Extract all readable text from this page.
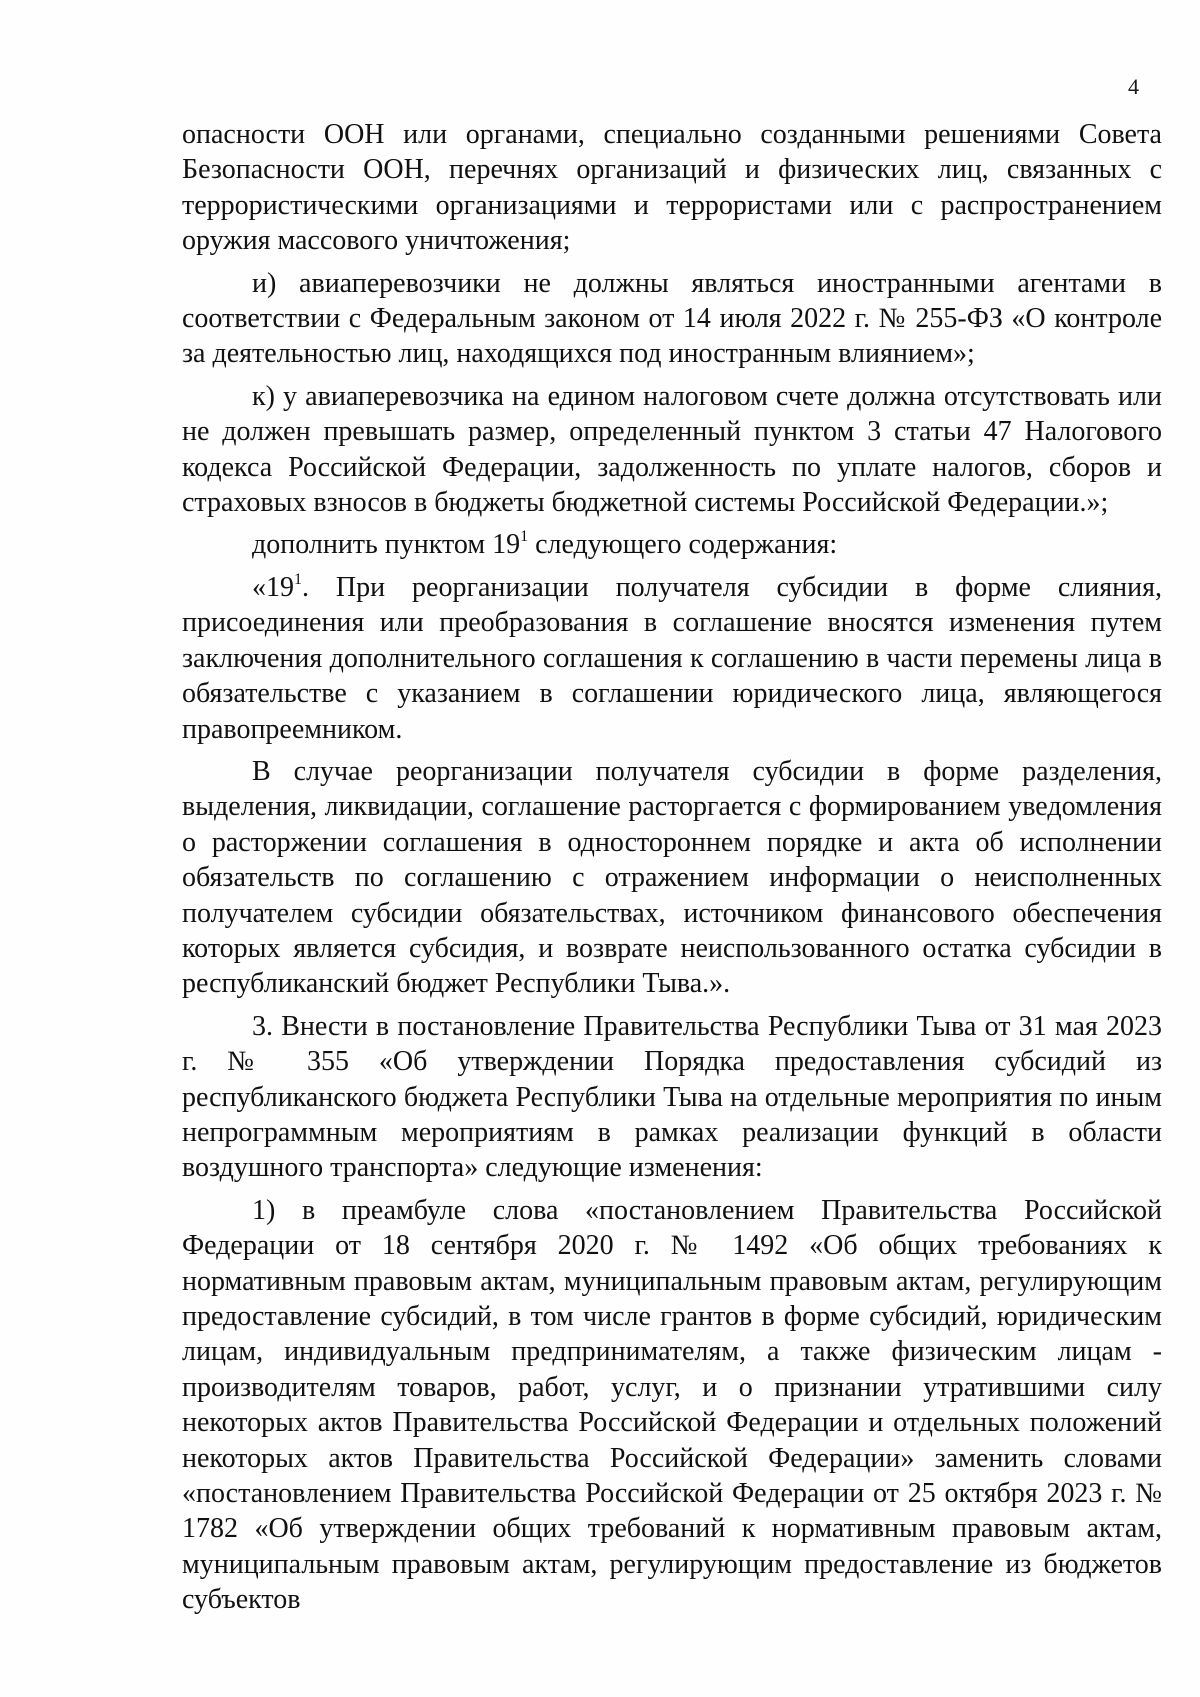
4

опасности ООН или органами, специально созданными решениями Совета Безопасности ООН, перечнях организаций и физических лиц, связанных с террористическими организациями и террористами или с распространением оружия массового уничтожения;

и) авиаперевозчики не должны являться иностранными агентами в соответствии с Федеральным законом от 14 июля 2022 г. № 255-ФЗ «О контроле за деятельностью лиц, находящихся под иностранным влиянием»;

к) у авиаперевозчика на едином налоговом счете должна отсутствовать или не должен превышать размер, определенный пунктом 3 статьи 47 Налогового кодекса Российской Федерации, задолженность по уплате налогов, сборов и страховых взносов в бюджеты бюджетной системы Российской Федерации.»;

дополнить пунктом $19^1$ следующего содержания:

«$19^1$. При реорганизации получателя субсидии в форме слияния, присоединения или преобразования в соглашение вносятся изменения путем заключения дополнительного соглашения к соглашению в части перемены лица в обязательстве с указанием в соглашении юридического лица, являющегося правопреемником.

В случае реорганизации получателя субсидии в форме разделения, выделения, ликвидации, соглашение расторгается с формированием уведомления о расторжении соглашения в одностороннем порядке и акта об исполнении обязательств по соглашению с отражением информации о неисполненных получателем субсидии обязательствах, источником финансового обеспечения которых является субсидия, и возврате неиспользованного остатка субсидии в республиканский бюджет Республики Тыва.».

3. Внести в постановление Правительства Республики Тыва от 31 мая 2023 г. № 355 «Об утверждении Порядка предоставления субсидий из республиканского бюджета Республики Тыва на отдельные мероприятия по иным непрограммным мероприятиям в рамках реализации функций в области воздушного транспорта» следующие изменения:

1) в преамбуле слова «постановлением Правительства Российской Федерации от 18 сентября 2020 г. № 1492 «Об общих требованиях к нормативным правовым актам, муниципальным правовым актам, регулирующим предоставление субсидий, в том числе грантов в форме субсидий, юридическим лицам, индивидуальным предпринимателям, а также физическим лицам - производителям товаров, работ, услуг, и о признании утратившими силу некоторых актов Правительства Российской Федерации и отдельных положений некоторых актов Правительства Российской Федерации» заменить словами «постановлением Правительства Российской Федерации от 25 октября 2023 г. № 1782 «Об утверждении общих требований к нормативным правовым актам, муниципальным правовым актам, регулирующим предоставление из бюджетов субъектов
